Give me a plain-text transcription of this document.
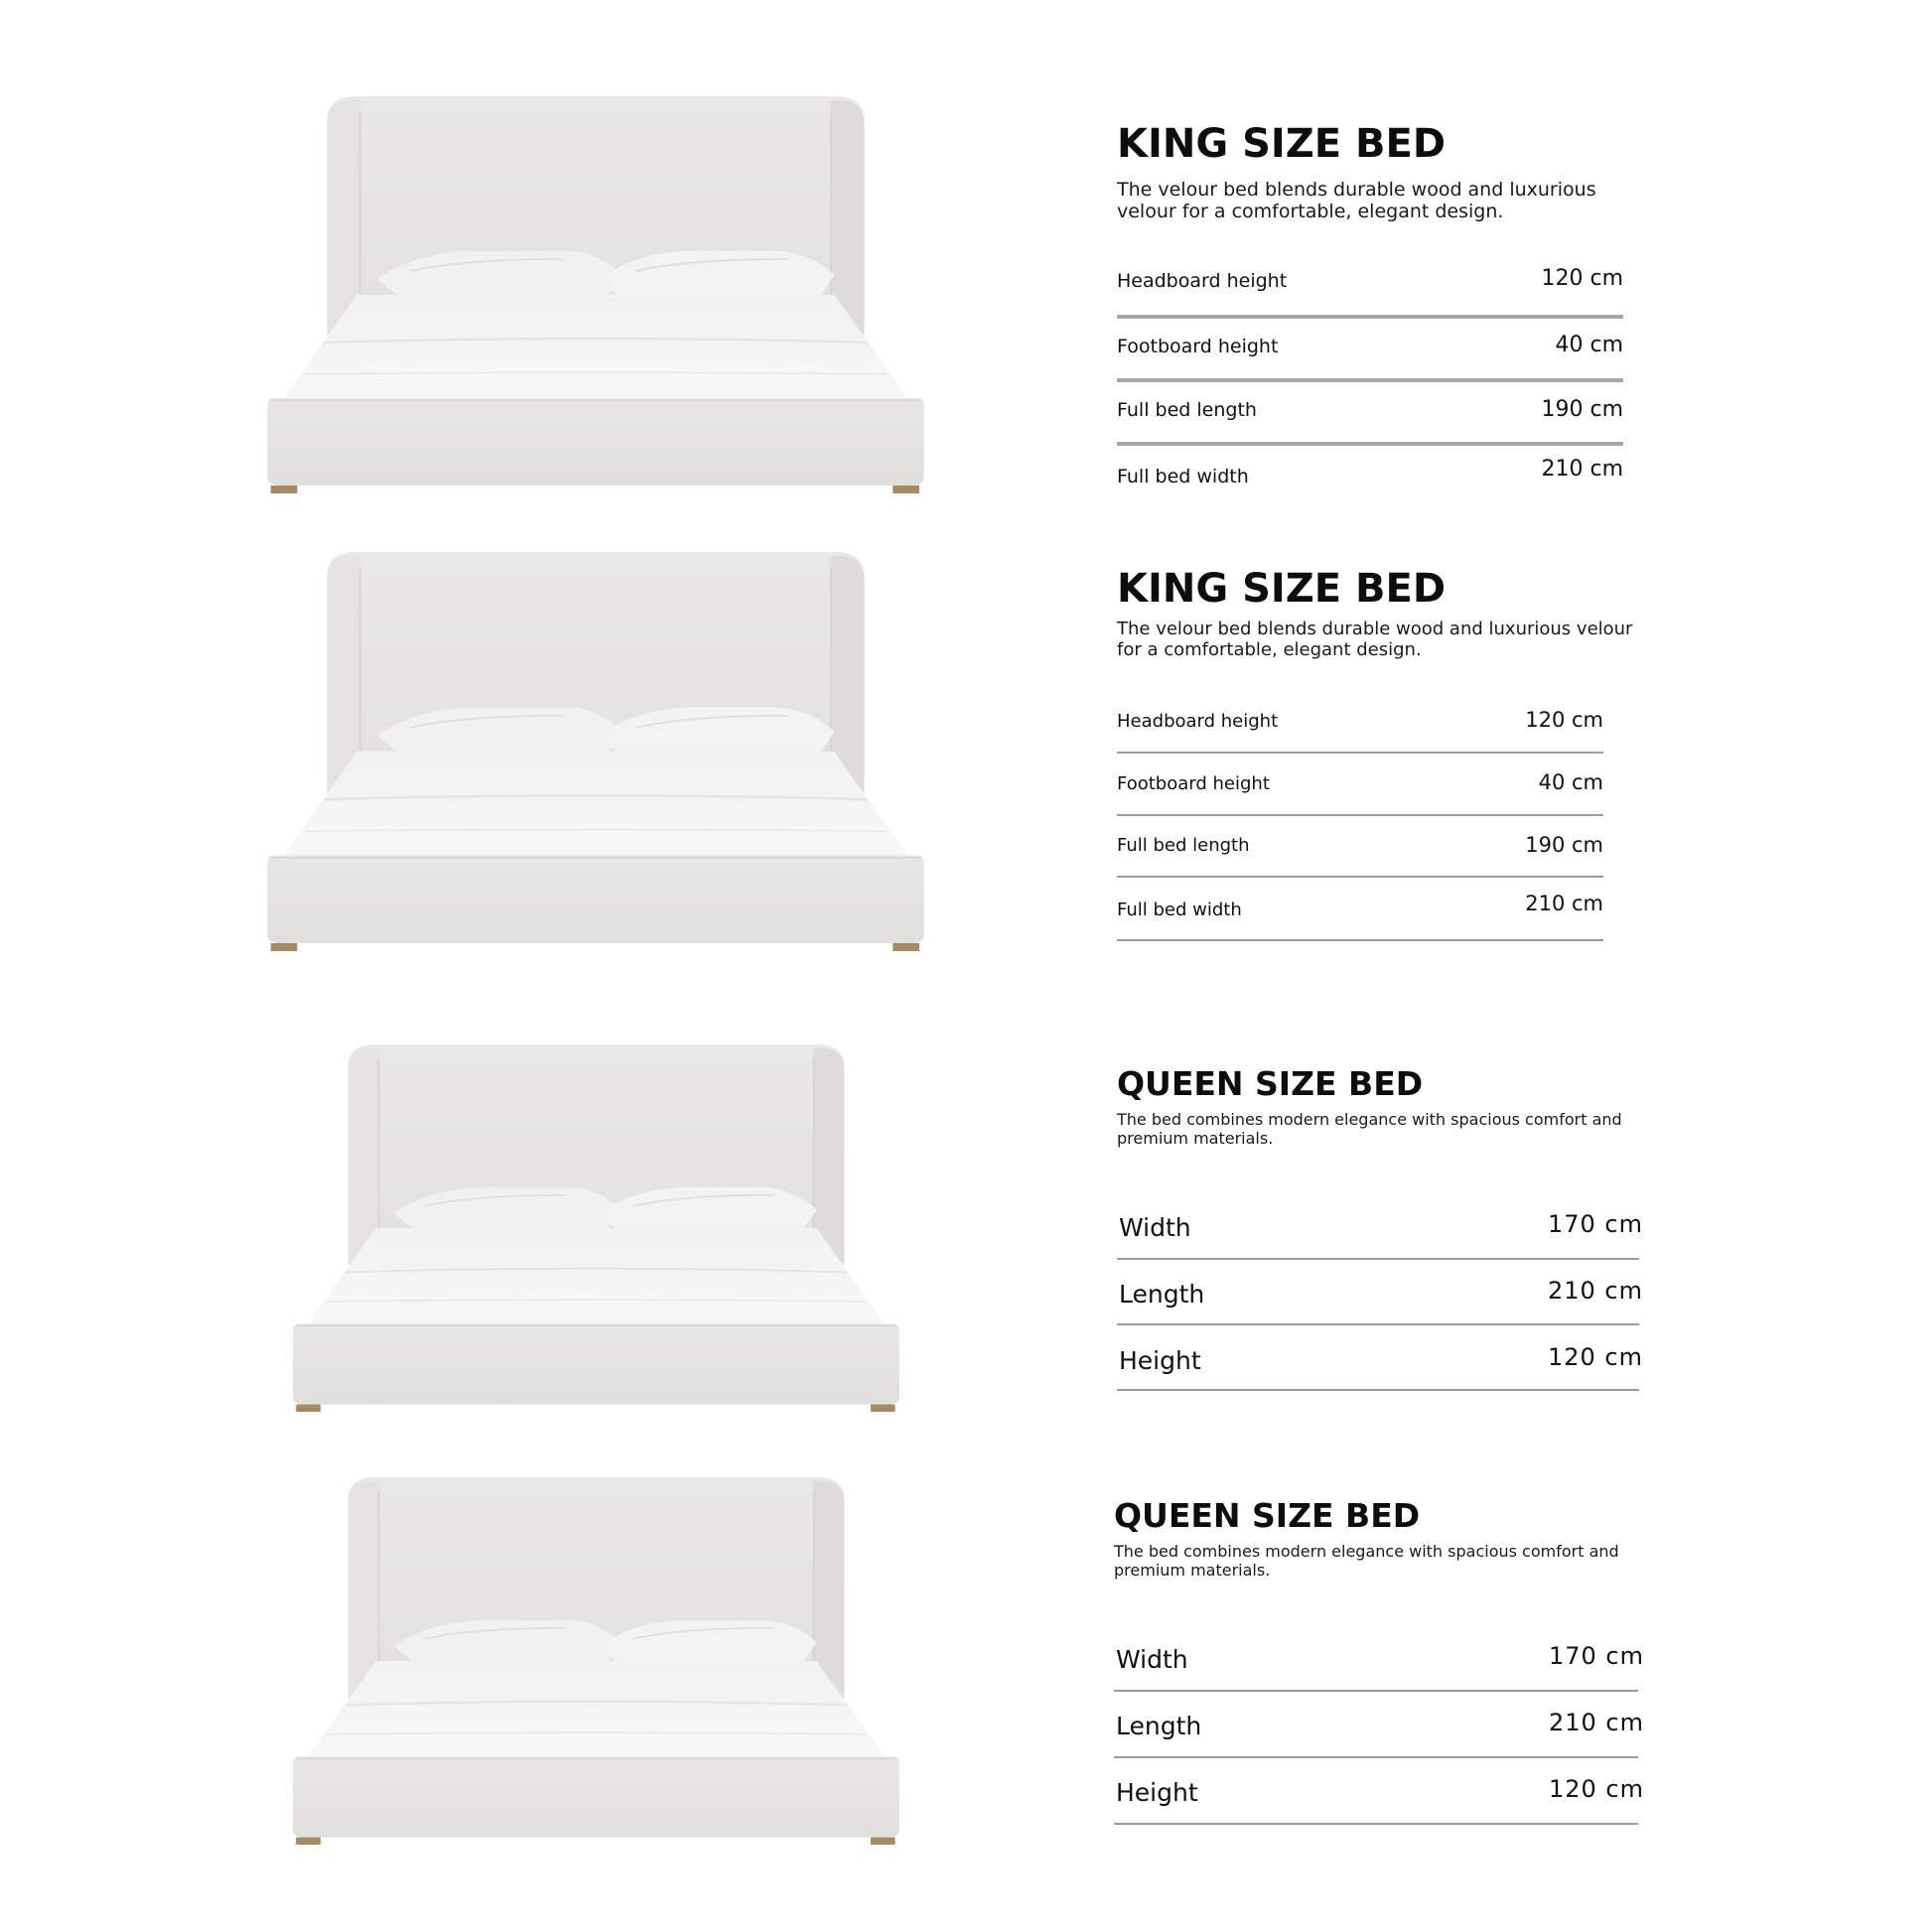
KING SIZE BED
The velour bed blends durable wood and luxurious velour for a comfortable, elegant design.
Headboard height	120 cm
Footboard height	40 cm
Full bed length	190 cm
Full bed width	210 cm
KING SIZE BED
The velour bed blends durable wood and luxurious velour for a comfortable, elegant design.
Headboard height	120 cm
Footboard height	40 cm
Full bed length	190 cm
Full bed width	210 cm
QUEEN SIZE BED
The bed combines modern elegance with spacious comfort and premium materials.
Width	170 cm
Length	210 cm
Height	120 cm
QUEEN SIZE BED
The bed combines modern elegance with spacious comfort and premium materials.
Width	170 cm
Length	210 cm
Height	120 cm
